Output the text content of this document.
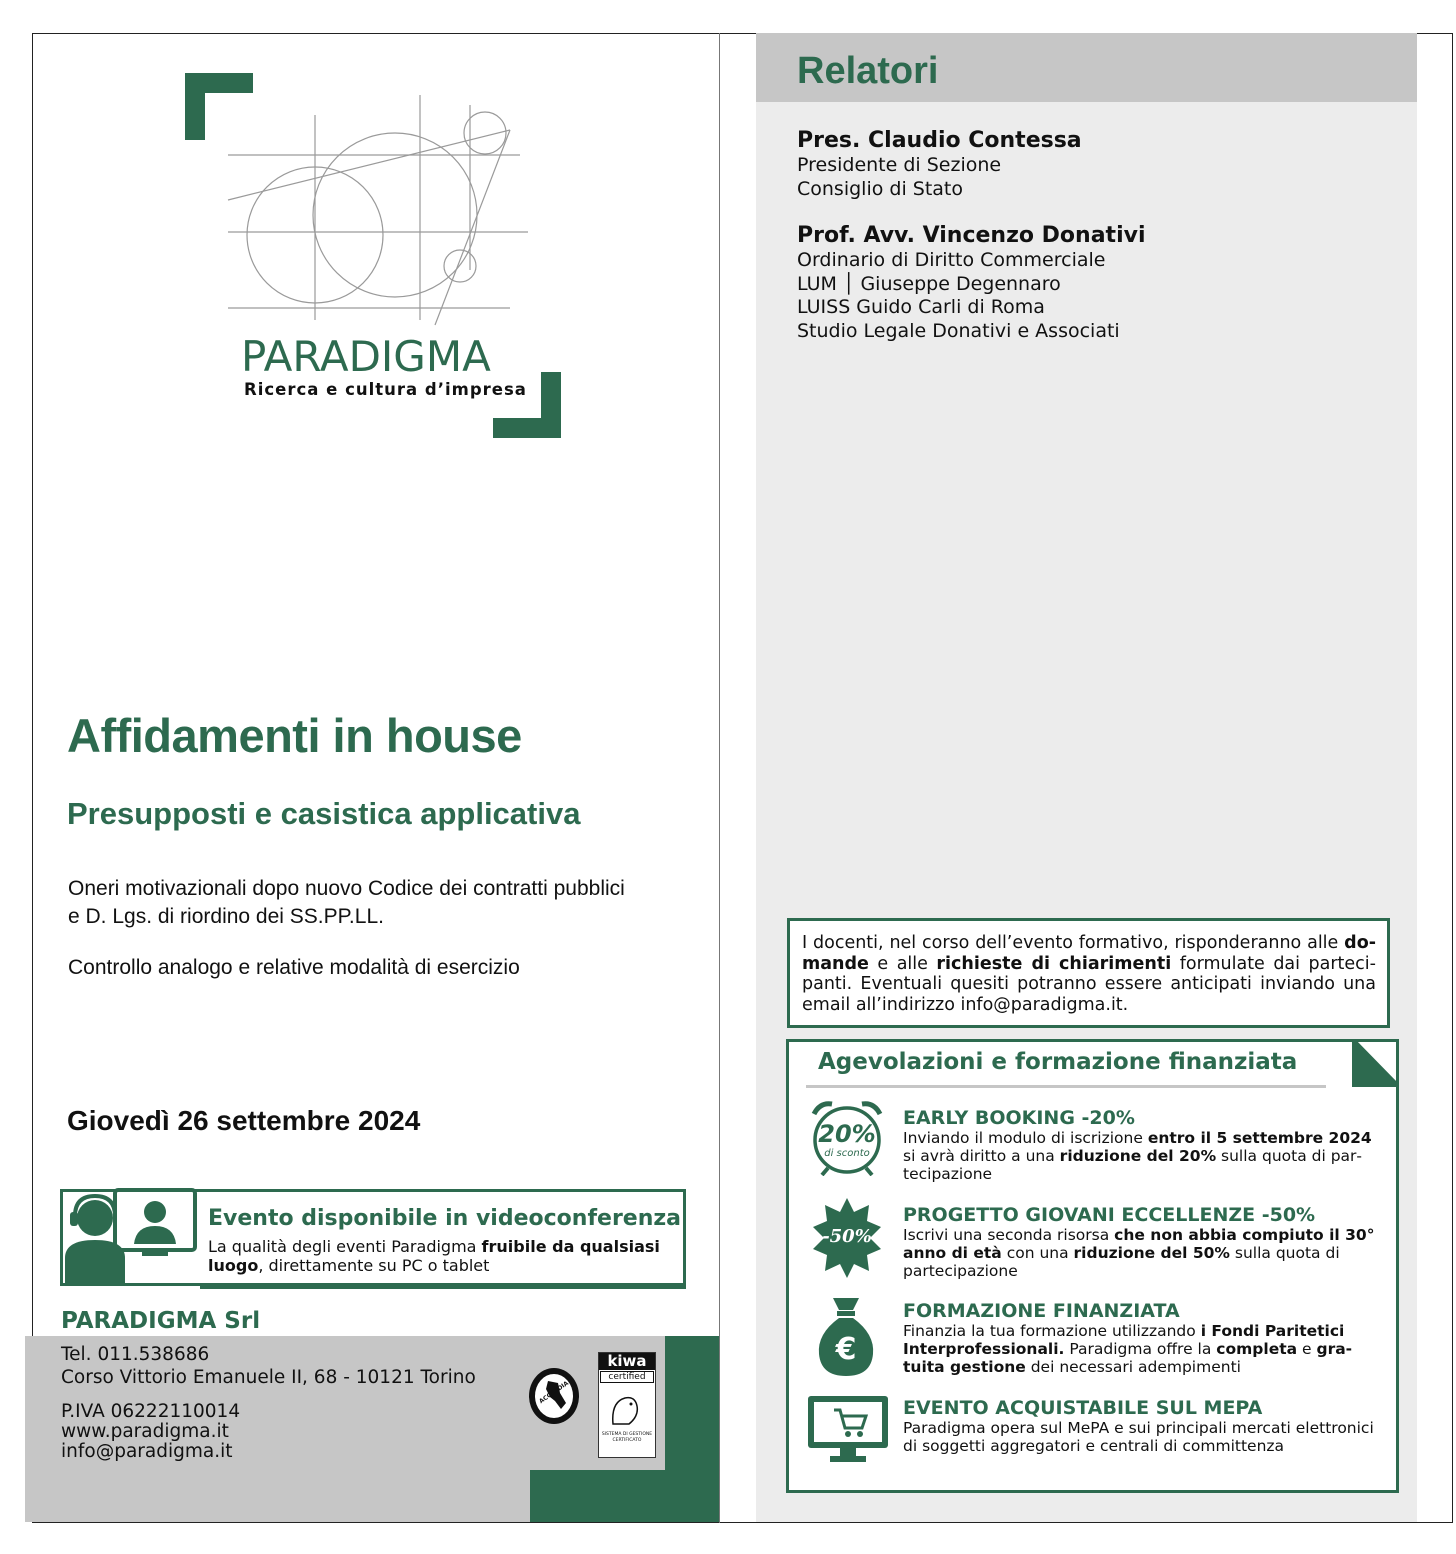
PARADIGMA
Ricerca e cultura d’impresa
Affidamenti in house
Presupposti e casistica applicativa
Oneri motivazionali dopo nuovo Codice dei contratti pubblici
e D. Lgs. di riordino dei SS.PP.LL.
Controllo analogo e relative modalità di esercizio
Giovedì 26 settembre 2024
Evento disponibile in videoconferenza
La qualità degli eventi Paradigma fruibile da qualsiasi luogo, direttamente su PC o tablet
PARADIGMA Srl
Tel. 011.538686
Corso Vittorio Emanuele II, 68 - 10121 Torino
P.IVA 06222110014
www.paradigma.it
info@paradigma.it
ACCREDIA
kiwa
certified
SISTEMA DI GESTIONE CERTIFICATO
Relatori
Pres. Claudio Contessa
Presidente di Sezione
Consiglio di Stato
Prof. Avv. Vincenzo Donativi
Ordinario di Diritto Commerciale
LUM │ Giuseppe Degennaro
LUISS Guido Carli di Roma
Studio Legale Donativi e Associati
I docenti, nel corso dell’evento formativo, risponderanno alle domande e alle richieste di chiarimenti formulate dai partecipanti. Eventuali quesiti potranno essere anticipati inviando una email all’indirizzo info@paradigma.it.
Agevolazioni e formazione finanziata
20%
di sconto
EARLY BOOKING -20%
Inviando il modulo di iscrizione entro il 5 settembre 2024 si avrà diritto a una riduzione del 20% sulla quota di partecipazione
-50%
PROGETTO GIOVANI ECCELLENZE -50%
Iscrivi una seconda risorsa che non abbia compiuto il 30° anno di età con una riduzione del 50% sulla quota di partecipazione
€
FORMAZIONE FINANZIATA
Finanzia la tua formazione utilizzando i Fondi Paritetici Interprofessionali. Paradigma offre la completa e gratuita gestione dei necessari adempimenti
EVENTO ACQUISTABILE SUL MEPA
Paradigma opera sul MePA e sui principali mercati elettronici di soggetti aggregatori e centrali di committenza
